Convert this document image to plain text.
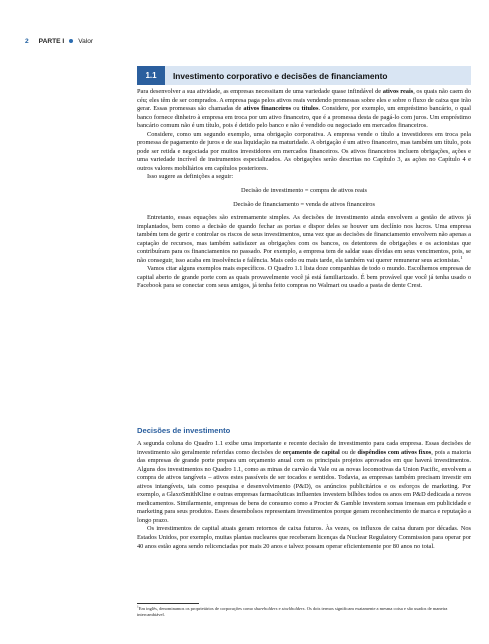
2 PARTE I Valor
1.1	Investimento corporativo e decisões de financiamento

Para desenvolver a sua atividade, as empresas necessitam de uma variedade quase infindável de ativos reais, os quais não caem do céu; eles têm de ser comprados. A empresa paga pelos ativos reais vendendo promessas sobre eles e sobre o fluxo de caixa que irão gerar. Essas promessas são chamadas de ativos financeiros ou títulos. Considere, por exemplo, um empréstimo bancário, o qual banco fornece dinheiro à empresa em troca por um ativo financeiro, que é a promessa desta de pagá-lo com juros. Um empréstimo bancário comum não é um título, pois é detido pelo banco e não é vendido ou negociado em mercados financeiros.

Considere, como um segundo exemplo, uma obrigação corporativa. A empresa vende o título a investidores em troca pela promessa de pagamento de juros e de sua liquidação na maturidade. A obrigação é um ativo financeiro, mas também um título, pois pode ser retida e negociada por muitos investidores em mercados financeiros. Os ativos financeiros incluem obrigações, ações e uma variedade incrível de instrumentos especializados. As obrigações serão descritas no Capítulo 3, as ações no Capítulo 4 e outros valores mobiliários em capítulos posteriores.

Isso sugere as definições a seguir:

Decisão de investimento = compra de ativos reais

Decisão de financiamento = venda de ativos financeiros

Entretanto, essas equações são extremamente simples. As decisões de investimento ainda envolvem a gestão de ativos já implantados, bem como a decisão de quando fechar as portas e dispor deles se houver um declínio nos lucros. Uma empresa também tem de gerir e controlar os riscos de seus investimentos, uma vez que as decisões de financiamento envolvem não apenas a captação de recursos, mas também satisfazer as obrigações com os bancos, os detentores de obrigações e os acionistas que contribuíram para os financiamentos no passado. Por exemplo, a empresa tem de saldar suas dívidas em seus vencimentos, pois, se não conseguir, isso acaba em insolvência e falência. Mais cedo ou mais tarde, ela também vai querer remunerar seus acionistas.$^1$

Vamos citar alguns exemplos mais específicos. O Quadro 1.1 lista doze companhias de todo o mundo. Escolhemos empresas de capital aberto de grande porte com as quais provavelmente você já está familiarizado. É bem provável que você já tenha usado o Facebook para se conectar com seus amigos, já tenha feito compras no Walmart ou usado a pasta de dente Crest.

Decisões de investimento

A segunda coluna do Quadro 1.1 exibe uma importante e recente decisão de investimento para cada empresa. Essas decisões de investimento são geralmente referidas como decisões de orçamento de capital ou de dispêndios com ativos fixos, pois a maioria das empresas de grande porte prepara um orçamento anual com os principais projetos aprovados em que haverá investimentos. Alguns dos investimentos no Quadro 1.1, como as minas de carvão da Vale ou as novas locomotivas da Union Pacific, envolvem a compra de ativos tangíveis – ativos estes passíveis de ser tocados e sentidos. Todavia, as empresas também precisam investir em ativos intangíveis, tais como pesquisa e desenvolvimento (P&D), os anúncios publicitários e os esforços de marketing. Por exemplo, a GlaxoSmithKline e outras empresas farmacêuticas influentes investem bilhões todos os anos em P&D dedicada a novos medicamentos. Similarmente, empresas de bens de consumo como a Procter & Gamble investem somas imensas em publicidade e marketing para seus produtos. Esses desembolsos representam investimentos porque geram reconhecimento de marca e reputação a longo prazo.

Os investimentos de capital atuais geram retornos de caixa futuros. Às vezes, os influxos de caixa duram por décadas. Nos Estados Unidos, por exemplo, muitas plantas nucleares que receberam licenças da Nuclear Regulatory Commission para operar por 40 anos estão agora sendo relicenciadas por mais 20 anos e talvez possam operar eficientemente por 80 anos no total.

$^1$Em inglês, denominamos os proprietários de corporações como shareholders e stockholders. Os dois termos significam exatamente a mesma coisa e são usados de maneira intercambiável.
